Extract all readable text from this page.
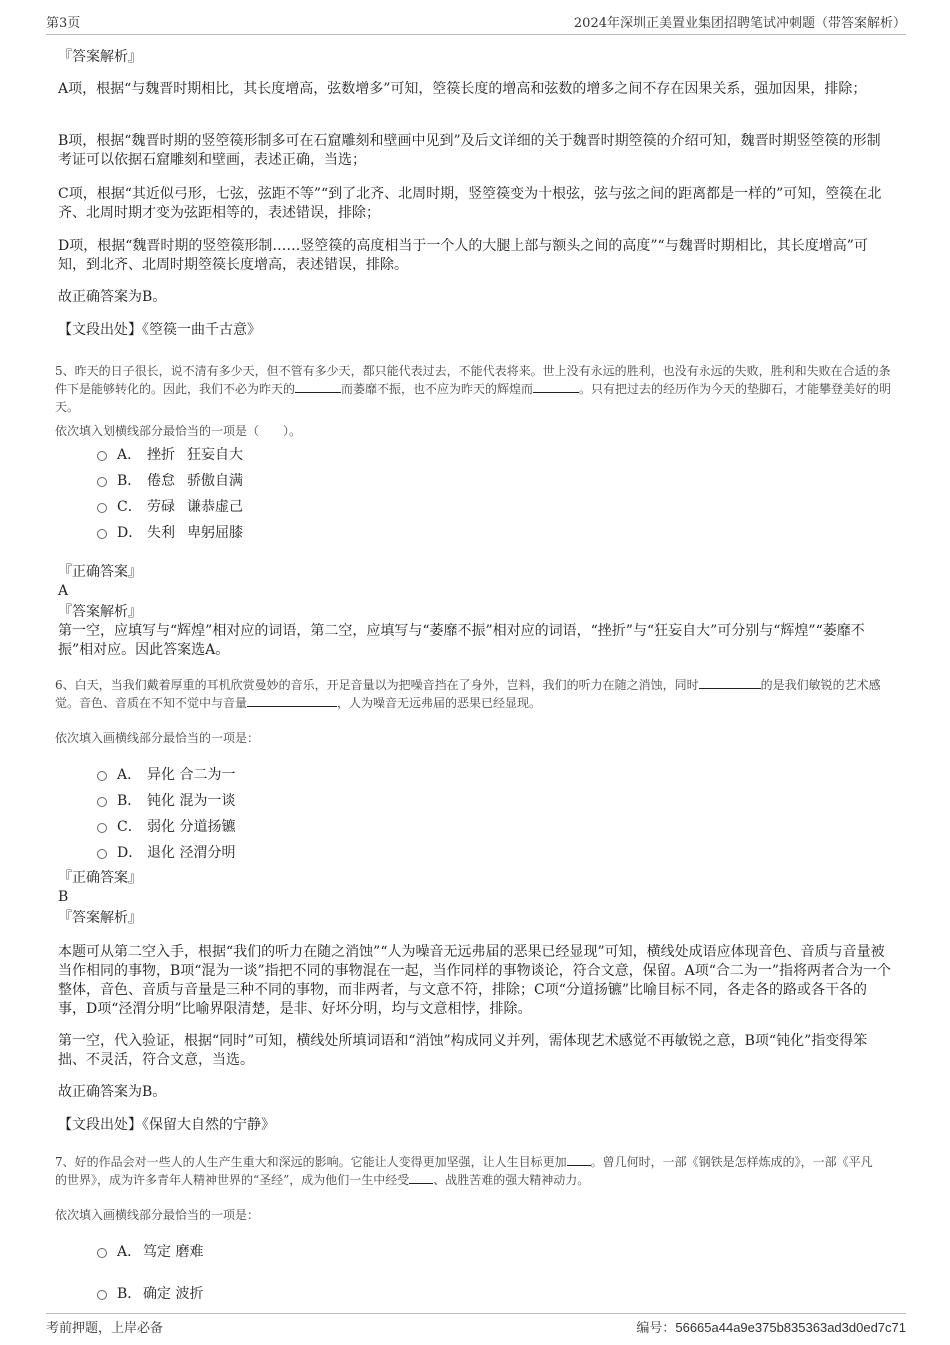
第3页	2024年深圳正美置业集团招聘笔试冲刺题（带答案解析）
『答案解析』
A项，根据“与魏晋时期相比，其长度增高，弦数增多”可知，箜篌长度的增高和弦数的增多之间不存在因果关系，强加因果，排除；
B项，根据“魏晋时期的竖箜篌形制多可在石窟雕刻和壁画中见到”及后文详细的关于魏晋时期箜篌的介绍可知，魏晋时期竖箜篌的形制考证可以依据石窟雕刻和壁画，表述正确，当选；
C项，根据“其近似弓形，七弦，弦距不等”“到了北齐、北周时期，竖箜篌变为十根弦，弦与弦之间的距离都是一样的”可知，箜篌在北齐、北周时期才变为弦距相等的，表述错误，排除；
D项，根据“魏晋时期的竖箜篌形制……竖箜篌的高度相当于一个人的大腿上部与额头之间的高度”“与魏晋时期相比，其长度增高”可知，到北齐、北周时期箜篌长度增高，表述错误，排除。
故正确答案为B。
【文段出处】《箜篌一曲千古意》
5、昨天的日子很长，说不清有多少天，但不管有多少天，都只能代表过去，不能代表将来。世上没有永远的胜利，也没有永远的失败，胜利和失败在合适的条件下是能够转化的。因此，我们不必为昨天的	而萎靡不振，也不应为昨天的辉煌而	。只有把过去的经历作为今天的垫脚石，才能攀登美好的明天。
依次填入划横线部分最恰当的一项是（　　）。
A． 挫折 狂妄自大
B． 倦怠 骄傲自满
C． 劳碌 谦恭虚己
D． 失利 卑躬屈膝
『正确答案』
A
『答案解析』
第一空，应填写与“辉煌”相对应的词语，第二空，应填写与“萎靡不振”相对应的词语，“挫折”与“狂妄自大”可分别与“辉煌”“萎靡不振”相对应。因此答案选A。
6、白天，当我们戴着厚重的耳机欣赏曼妙的音乐，开足音量以为把噪音挡在了身外，岂料，我们的听力在随之消蚀，同时	的是我们敏锐的艺术感觉。音色、音质在不知不觉中与音量	，人为噪音无远弗届的恶果已经显现。
依次填入画横线部分最恰当的一项是：
A． 异化 合二为一
B． 钝化 混为一谈
C． 弱化 分道扬镳
D． 退化 泾渭分明
『正确答案』
B
『答案解析』
本题可从第二空入手，根据“我们的听力在随之消蚀”“人为噪音无远弗届的恶果已经显现”可知，横线处成语应体现音色、音质与音量被当作相同的事物，B项“混为一谈”指把不同的事物混在一起，当作同样的事物谈论，符合文意，保留。A项“合二为一”指将两者合为一个整体，音色、音质与音量是三种不同的事物，而非两者，与文意不符，排除；C项“分道扬镳”比喻目标不同，各走各的路或各干各的事，D项“泾渭分明”比喻界限清楚，是非、好坏分明，均与文意相悖，排除。
第一空，代入验证，根据“同时”可知，横线处所填词语和“消蚀”构成同义并列，需体现艺术感觉不再敏锐之意，B项“钝化”指变得笨拙、不灵活，符合文意，当选。
故正确答案为B。
【文段出处】《保留大自然的宁静》
7、好的作品会对一些人的人生产生重大和深远的影响。它能让人变得更加坚强，让人生目标更加 。曾几何时，一部《钢铁是怎样炼成的》，一部《平凡的世界》，成为许多青年人精神世界的“圣经”，成为他们一生中经受 、战胜苦难的强大精神动力。
依次填入画横线部分最恰当的一项是：
A． 笃定 磨难
B． 确定 波折
考前押题，上岸必备	编号：56665a44a9e375b835363ad3d0ed7c71
